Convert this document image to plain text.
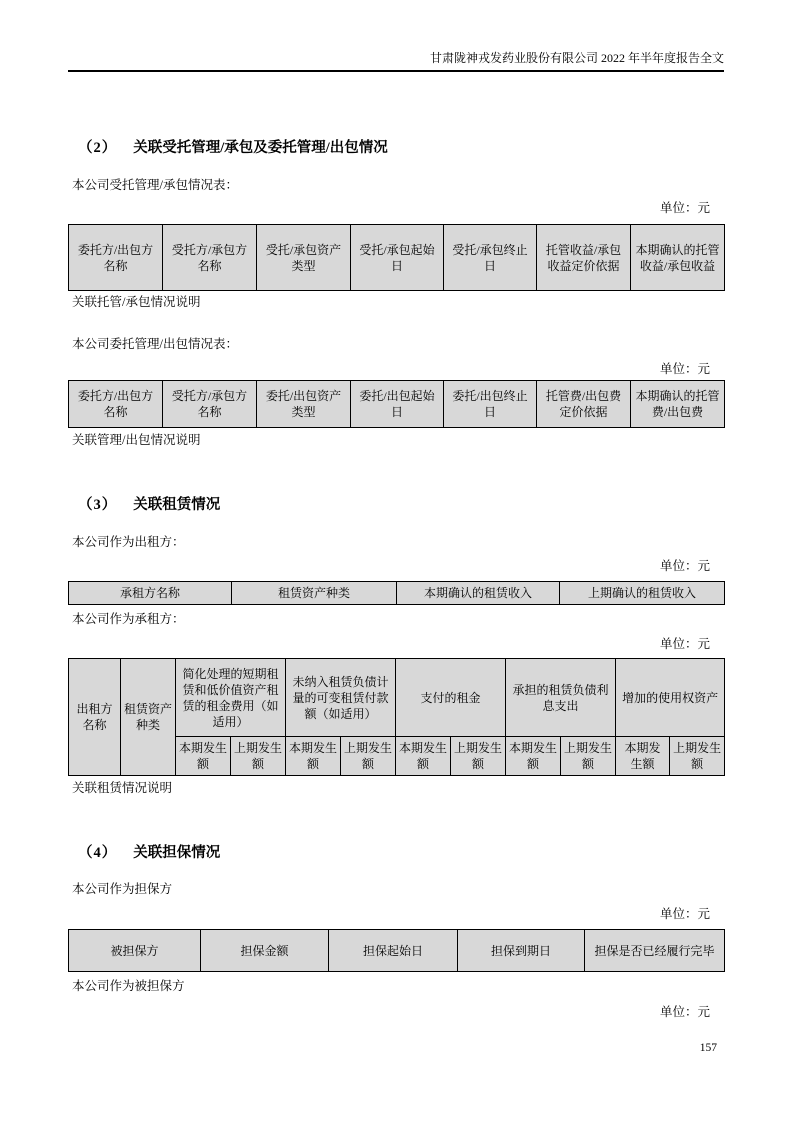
甘肃陇神戎发药业股份有限公司 2022 年半年度报告全文
（2） 关联受托管理/承包及委托管理/出包情况

本公司受托管理/承包情况表：

单位：元
委托方/出包方名称	受托方/承包方名称	受托/承包资产类型	受托/承包起始日	受托/承包终止日	托管收益/承包收益定价依据	本期确认的托管收益/承包收益

关联托管/承包情况说明

本公司委托管理/出包情况表：

单位：元
委托方/出包方名称	受托方/承包方名称	委托/出包资产类型	委托/出包起始日	委托/出包终止日	托管费/出包费定价依据	本期确认的托管费/出包费

关联管理/出包情况说明

（3） 关联租赁情况

本公司作为出租方：

单位：元
承租方名称	租赁资产种类	本期确认的租赁收入	上期确认的租赁收入

本公司作为承租方：

单位：元
出租方名称	租赁资产种类	简化处理的短期租赁和低价值资产租赁的租金费用（如适用）		未纳入租赁负债计量的可变租赁付款额（如适用）		支付的租金		承担的租赁负债利息支出		增加的使用权资产	
		本期发生额	上期发生额	本期发生额	上期发生额	本期发生额	上期发生额	本期发生额	上期发生额	本期发生额	上期发生额

关联租赁情况说明

（4） 关联担保情况

本公司作为担保方

单位：元
被担保方	担保金额	担保起始日	担保到期日	担保是否已经履行完毕

本公司作为被担保方

单位：元
157
